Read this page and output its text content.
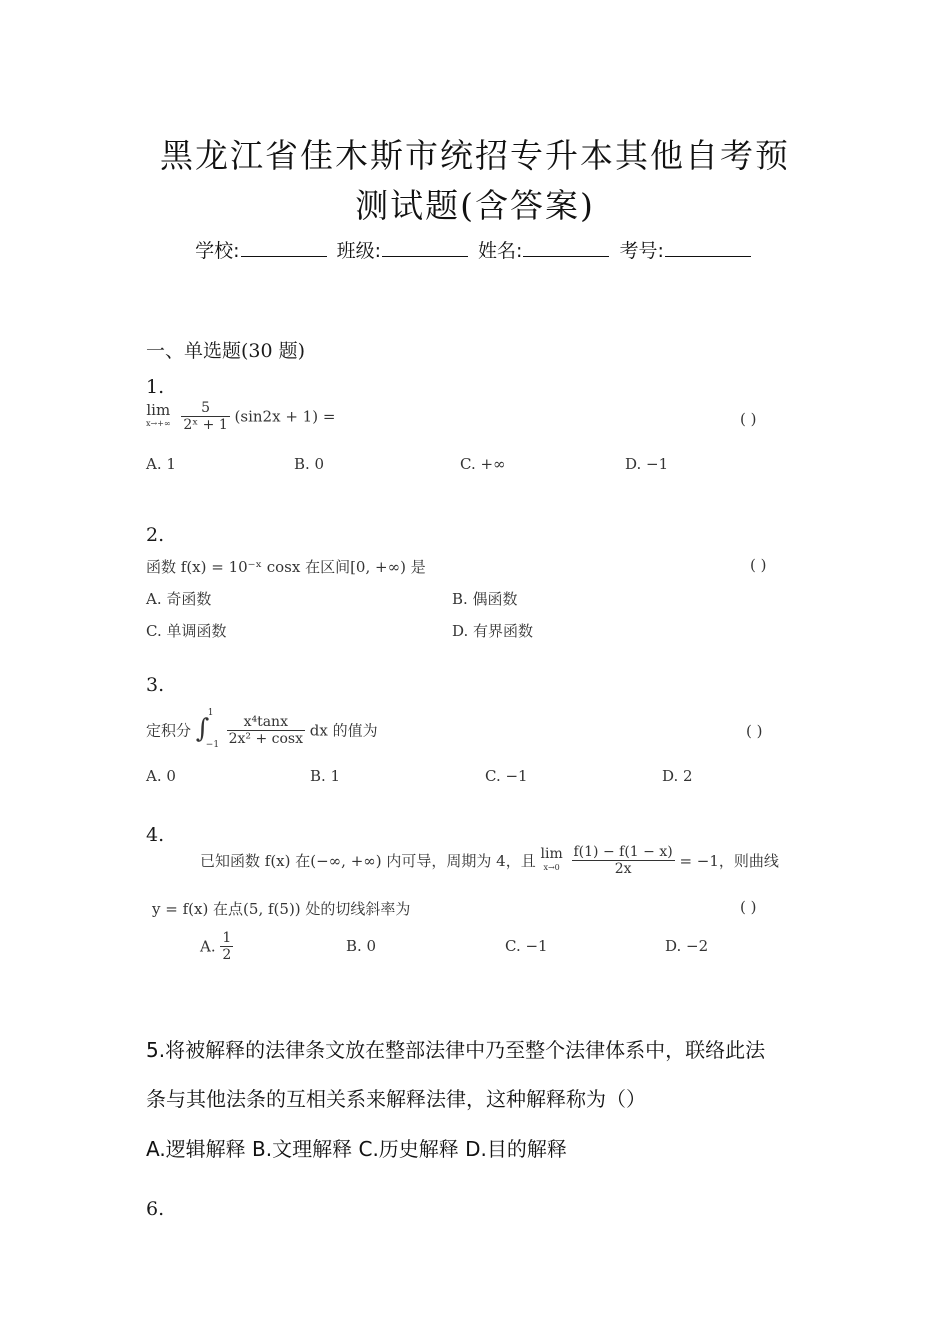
黑龙江省佳木斯市统招专升本其他自考预
测试题(含答案)
学校:	班级:	姓名:	考号:
一、单选题(30 题)
1.
lim
x→+∞
$\frac{5}{\text{2ˣ + 1}} (\sin 2x + 1)$ =	( )
A. 1	B. 0	C. +∞	D. −1
2.
函数 f(x) = 10⁻ˣ cosx 在区间[0, +∞) 是	( )
A. 奇函数	B. 偶函数
C. 单调函数	D. 有界函数
3.
定积分 ∫
1
−1
$\frac{\text{x⁴tanx}}{\text{2x² + cosx}}$ dx 的值为	( )
A. 0	B. 1	C. −1	D. 2
4.
已知函数 f(x) 在(−∞, +∞) 内可导，周期为 4，且 lim
x→0
$\frac{f(1) - f(1 - x)}{2x} = -1$，则曲线
y = f(x) 在点(5, f(5)) 处的切线斜率为	( )
A. $\frac{1}{2}$	B. 0	C. −1	D. −2
5.将被解释的法律条文放在整部法律中乃至整个法律体系中，联络此法
条与其他法条的互相关系来解释法律，这种解释称为（）
A.逻辑解释 B.文理解释 C.历史解释 D.目的解释
6.
